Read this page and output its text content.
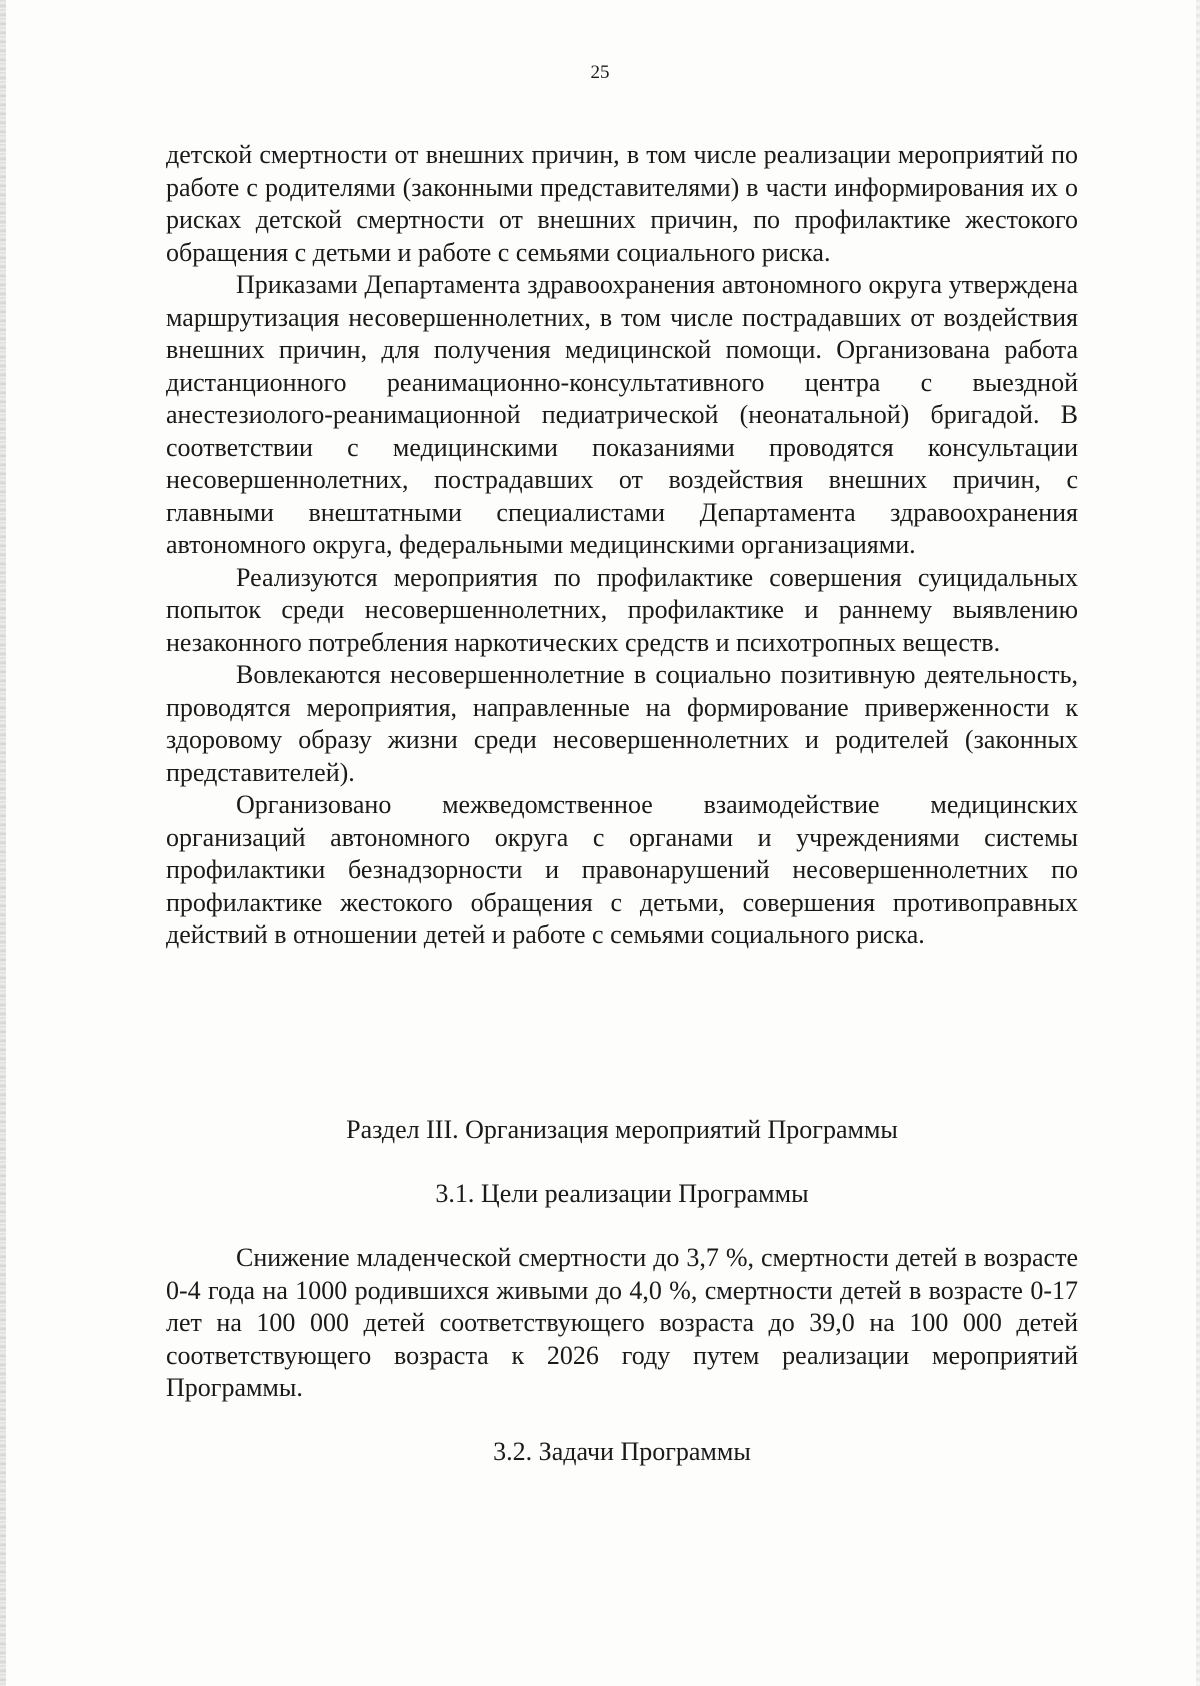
25

детской смертности от внешних причин, в том числе реализации мероприятий по работе с родителями (законными представителями) в части информирования их о рисках детской смертности от внешних причин, по профилактике жестокого обращения с детьми и работе с семьями социального риска.

Приказами Департамента здравоохранения автономного округа утверждена маршрутизация несовершеннолетних, в том числе пострадавших от воздействия внешних причин, для получения медицинской помощи. Организована работа дистанционного реанимационно-консультативного центра с выездной анестезиолого-реанимационной педиатрической (неонатальной) бригадой. В соответствии с медицинскими показаниями проводятся консультации несовершеннолетних, пострадавших от воздействия внешних причин, с главными внештатными специалистами Департамента здравоохранения автономного округа, федеральными медицинскими организациями.

Реализуются мероприятия по профилактике совершения суицидальных попыток среди несовершеннолетних, профилактике и раннему выявлению незаконного потребления наркотических средств и психотропных веществ.

Вовлекаются несовершеннолетние в социально позитивную деятельность, проводятся мероприятия, направленные на формирование приверженности к здоровому образу жизни среди несовершеннолетних и родителей (законных представителей).

Организовано межведомственное взаимодействие медицинских организаций автономного округа с органами и учреждениями системы профилактики безнадзорности и правонарушений несовершеннолетних по профилактике жестокого обращения с детьми, совершения противоправных действий в отношении детей и работе с семьями социального риска.

Раздел III. Организация мероприятий Программы
3.1. Цели реализации Программы

Снижение младенческой смертности до 3,7 %, смертности детей в возрасте 0-4 года на 1000 родившихся живыми до 4,0 %, смертности детей в возрасте 0-17 лет на 100 000 детей соответствующего возраста до 39,0 на 100 000 детей соответствующего возраста к 2026 году путем реализации мероприятий Программы.

3.2. Задачи Программы
